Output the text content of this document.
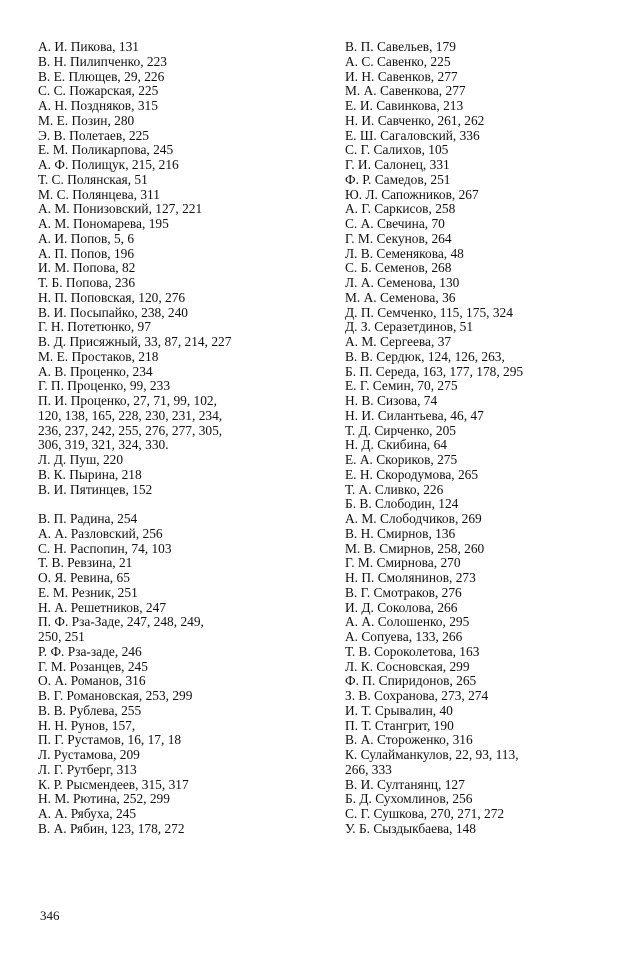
А. И. Пикова, 131
В. Н. Пилипченко, 223
В. Е. Плющев, 29, 226
С. С. Пожарская, 225
А. Н. Поздняков, 315
М. Е. Позин, 280
Э. В. Полетаев, 225
Е. М. Поликарпова, 245
А. Ф. Полищук, 215, 216
Т. С. Полянская, 51
М. С. Полянцева, 311
А. М. Понизовский, 127, 221
А. М. Пономарева, 195
А. И. Попов, 5, 6
А. П. Попов, 196
И. М. Попова, 82
Т. Б. Попова, 236
Н. П. Поповская, 120, 276
В. И. Посыпайко, 238, 240
Г. Н. Потетюнко, 97
В. Д. Присяжный, 33, 87, 214, 227
М. Е. Простаков, 218
А. В. Проценко, 234
Г. П. Проценко, 99, 233
П. И. Проценко, 27, 71, 99, 102,
120, 138, 165, 228, 230, 231, 234,
236, 237, 242, 255, 276, 277, 305,
306, 319, 321, 324, 330.
Л. Д. Пуш, 220
В. К. Пырина, 218
В. И. Пятинцев, 152
В. П. Радина, 254
А. А. Разловский, 256
С. Н. Распопин, 74, 103
Т. В. Ревзина, 21
О. Я. Ревина, 65
Е. М. Резник, 251
Н. А. Решетников, 247
П. Ф. Рза-Заде, 247, 248, 249,
250, 251
Р. Ф. Рза-заде, 246
Г. М. Розанцев, 245
О. А. Романов, 316
В. Г. Романовская, 253, 299
В. В. Рублева, 255
Н. Н. Рунов, 157,
П. Г. Рустамов, 16, 17, 18
Л. Рустамова, 209
Л. Г. Рутберг, 313
К. Р. Рысмендеев, 315, 317
Н. М. Рютина, 252, 299
А. А. Рябуха, 245
В. А. Рябин, 123, 178, 272
В. П. Савельев, 179
А. С. Савенко, 225
И. Н. Савенков, 277
М. А. Савенкова, 277
Е. И. Савинкова, 213
Н. И. Савченко, 261, 262
Е. Ш. Сагаловский, 336
С. Г. Салихов, 105
Г. И. Салонец, 331
Ф. Р. Самедов, 251
Ю. Л. Сапожников, 267
А. Г. Саркисов, 258
С. А. Свечина, 70
Г. М. Секунов, 264
Л. В. Семенякова, 48
С. Б. Семенов, 268
Л. А. Семенова, 130
М. А. Семенова, 36
Д. П. Семченко, 115, 175, 324
Д. З. Серазетдинов, 51
А. М. Сергеева, 37
В. В. Сердюк, 124, 126, 263,
Б. П. Середа, 163, 177, 178, 295
Е. Г. Семин, 70, 275
Н. В. Сизова, 74
Н. И. Силантьева, 46, 47
Т. Д. Сирченко, 205
Н. Д. Скибина, 64
Е. А. Скориков, 275
Е. Н. Скородумова, 265
Т. А. Сливко, 226
Б. В. Слободин, 124
А. М. Слободчиков, 269
В. Н. Смирнов, 136
М. В. Смирнов, 258, 260
Г. М. Смирнова, 270
Н. П. Смолянинов, 273
В. Г. Смотраков, 276
И. Д. Соколова, 266
А. А. Солошенко, 295
А. Сопуева, 133, 266
Т. В. Сороколетова, 163
Л. К. Сосновская, 299
Ф. П. Спиридонов, 265
З. В. Сохранова, 273, 274
И. Т. Срывалин, 40
П. Т. Стангрит, 190
В. А. Стороженко, 316
К. Сулайманкулов, 22, 93, 113,
266, 333
В. И. Султанянц, 127
Б. Д. Сухомлинов, 256
С. Г. Сушкова, 270, 271, 272
У. Б. Сыздыкбаева, 148
346
